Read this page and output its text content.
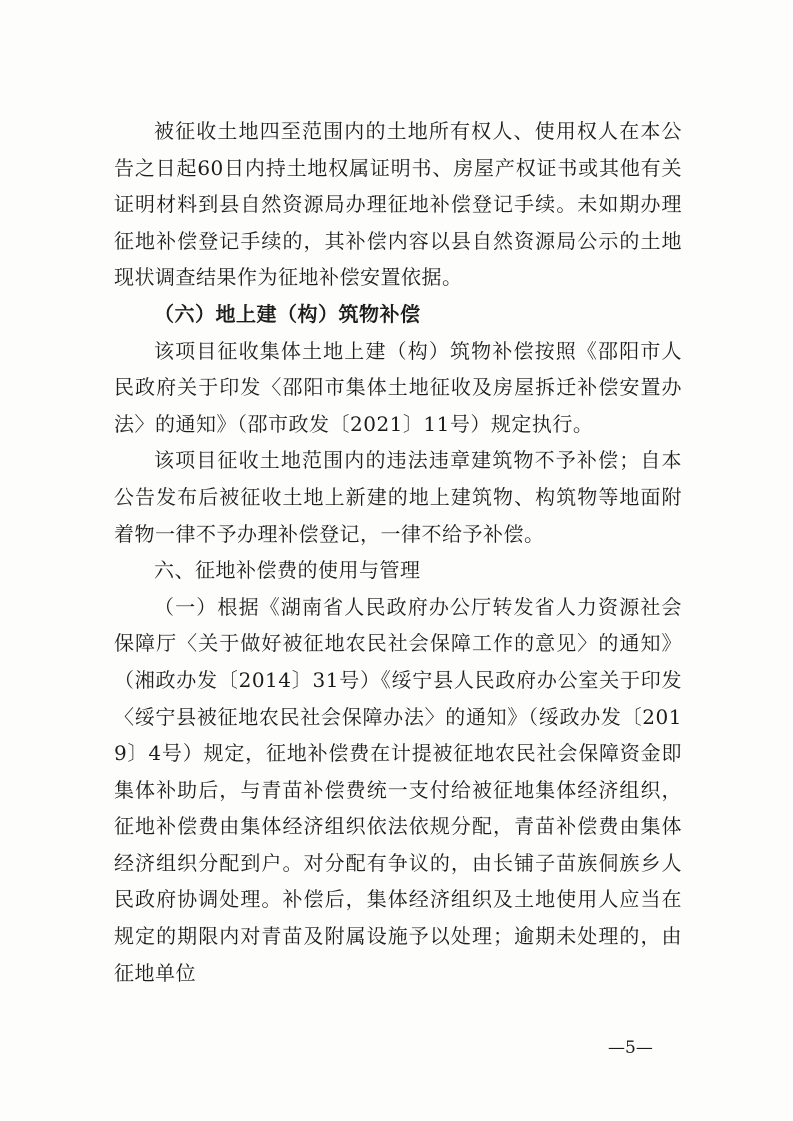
被征收土地四至范围内的土地所有权人、使用权人在本公告之日起60日内持土地权属证明书、房屋产权证书或其他有关证明材料到县自然资源局办理征地补偿登记手续。未如期办理征地补偿登记手续的，其补偿内容以县自然资源局公示的土地现状调查结果作为征地补偿安置依据。

（六）地上建（构）筑物补偿

该项目征收集体土地上建（构）筑物补偿按照《邵阳市人民政府关于印发〈邵阳市集体土地征收及房屋拆迁补偿安置办法〉的通知》（邵市政发〔2021〕11号）规定执行。

该项目征收土地范围内的违法违章建筑物不予补偿；自本公告发布后被征收土地上新建的地上建筑物、构筑物等地面附着物一律不予办理补偿登记，一律不给予补偿。

六、征地补偿费的使用与管理

（一）根据《湖南省人民政府办公厅转发省人力资源社会保障厅〈关于做好被征地农民社会保障工作的意见〉的通知》（湘政办发〔2014〕31号）《绥宁县人民政府办公室关于印发〈绥宁县被征地农民社会保障办法〉的通知》（绥政办发〔2019〕4号）规定，征地补偿费在计提被征地农民社会保障资金即集体补助后，与青苗补偿费统一支付给被征地集体经济组织，征地补偿费由集体经济组织依法依规分配，青苗补偿费由集体经济组织分配到户。对分配有争议的，由长铺子苗族侗族乡人民政府协调处理。补偿后，集体经济组织及土地使用人应当在规定的期限内对青苗及附属设施予以处理；逾期未处理的，由征地单位

—5—
